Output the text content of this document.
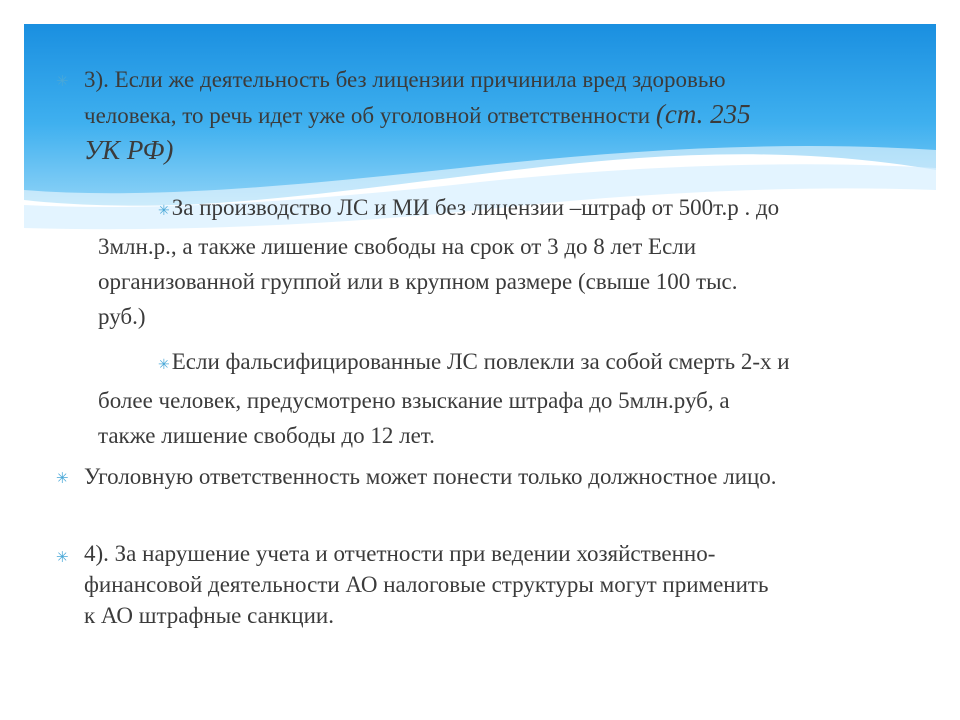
✳ 3). Если же деятельность без лицензии причинила вред здоровью
человека, то речь идет уже об уголовной ответственности (ст. 235
УК РФ)
✳За производство ЛС и МИ без лицензии –штраф от 500т.р . до
3млн.р., а также лишение свободы на срок от 3 до 8 лет Если
организованной группой или в крупном размере (свыше 100 тыс.
руб.)
✳Если фальсифицированные ЛС повлекли за собой смерть 2-х и
более человек, предусмотрено взыскание штрафа до 5млн.руб, а
также лишение свободы до 12 лет.
✳ Уголовную ответственность может понести только должностное лицо.
✳ 4). За нарушение учета и отчетности при ведении хозяйственно-
финансовой деятельности АО налоговые структуры могут применить
к АО штрафные санкции.
